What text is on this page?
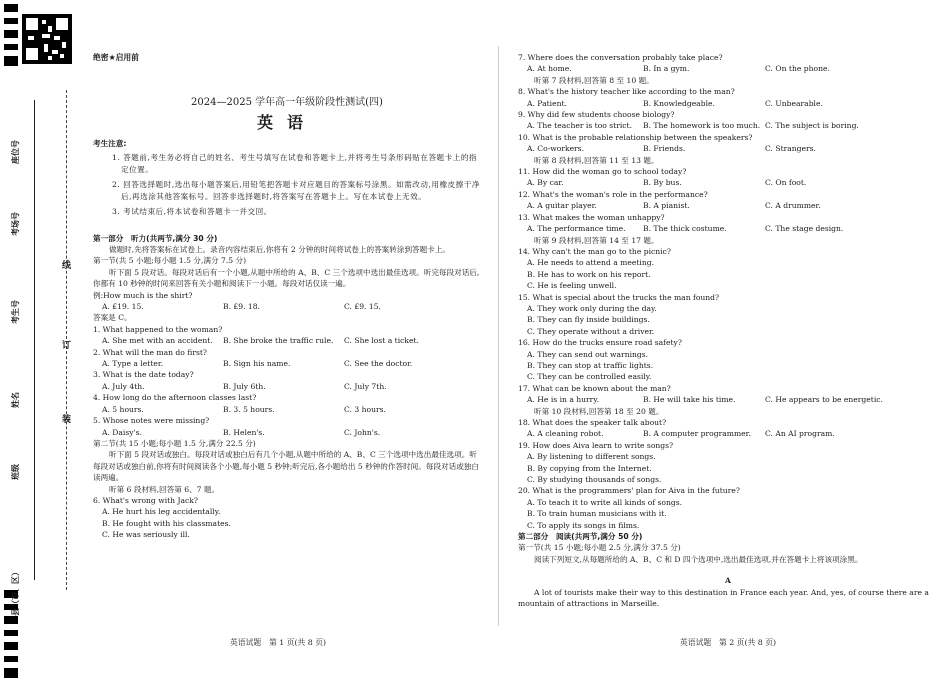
座位号
考场号
考生号
姓名
班级
县（市、区）
线
订
装
绝密★启用前
2024—2025 学年高一年级阶段性测试(四)
英语
考生注意:
1. 答题前,考生务必将自己的姓名、考生号填写在试卷和答题卡上,并将考生号条形码贴在答题卡上的指定位置。
2. 回答选择题时,选出每小题答案后,用铅笔把答题卡对应题目的答案标号涂黑。如需改动,用橡皮擦干净后,再选涂其他答案标号。回答非选择题时,将答案写在答题卡上。写在本试卷上无效。
3. 考试结束后,将本试卷和答题卡一并交回。
第一部分　听力(共两节,满分 30 分)
做题时,先将答案标在试卷上。录音内容结束后,你将有 2 分钟的时间将试卷上的答案转涂到答题卡上。
第一节(共 5 小题;每小题 1.5 分,满分 7.5 分)
听下面 5 段对话。每段对话后有一个小题,从题中所给的 A、B、C 三个选项中选出最佳选项。听完每段对话后,你都有 10 秒钟的时间来回答有关小题和阅读下一小题。每段对话仅读一遍。
例:How much is the shirt?
A. £19. 15.	B. £9. 18.	C. £9. 15.
答案是 C。
1. What happened to the woman?
A. She met with an accident.	B. She broke the traffic rule.	C. She lost a ticket.
2. What will the man do first?
A. Type a letter.	B. Sign his name.	C. See the doctor.
3. What is the date today?
A. July 4th.	B. July 6th.	C. July 7th.
4. How long do the afternoon classes last?
A. 5 hours.	B. 3. 5 hours.	C. 3 hours.
5. Whose notes were missing?
A. Daisy's.	B. Helen's.	C. John's.
第二节(共 15 小题;每小题 1.5 分,满分 22.5 分)
听下面 5 段对话或独白。每段对话或独白后有几个小题,从题中所给的 A、B、C 三个选项中选出最佳选项。听每段对话或独白前,你将有时间阅读各个小题,每小题 5 秒钟;听完后,各小题给出 5 秒钟的作答时间。每段对话或独白读两遍。
听第 6 段材料,回答第 6、7 题。
6. What's wrong with Jack?
A. He hurt his leg accidentally.
B. He fought with his classmates.
C. He was seriously ill.
7. Where does the conversation probably take place?
A. At home.	B. In a gym.	C. On the phone.
听第 7 段材料,回答第 8 至 10 题。
8. What's the history teacher like according to the man?
A. Patient.	B. Knowledgeable.	C. Unbearable.
9. Why did few students choose biology?
A. The teacher is too strict.	B. The homework is too much. C. The subject is boring.
10. What is the probable relationship between the speakers?
A. Co-workers.	B. Friends.	C. Strangers.
听第 8 段材料,回答第 11 至 13 题。
11. How did the woman go to school today?
A. By car.	B. By bus.	C. On foot.
12. What's the woman's role in the performance?
A. A guitar player.	B. A pianist.	C. A drummer.
13. What makes the woman unhappy?
A. The performance time.	B. The thick costume.	C. The stage design.
听第 9 段材料,回答第 14 至 17 题。
14. Why can't the man go to the picnic?
A. He needs to attend a meeting.
B. He has to work on his report.
C. He is feeling unwell.
15. What is special about the trucks the man found?
A. They work only during the day.
B. They can fly inside buildings.
C. They operate without a driver.
16. How do the trucks ensure road safety?
A. They can send out warnings.
B. They can stop at traffic lights.
C. They can be controlled easily.
17. What can be known about the man?
A. He is in a hurry.	B. He will take his time.	C. He appears to be energetic.
听第 10 段材料,回答第 18 至 20 题。
18. What does the speaker talk about?
A. A cleaning robot.	B. A computer programmer.	C. An AI program.
19. How does Aiva learn to write songs?
A. By listening to different songs.
B. By copying from the Internet.
C. By studying thousands of songs.
20. What is the programmers' plan for Aiva in the future?
A. To teach it to write all kinds of songs.
B. To train human musicians with it.
C. To apply its songs in films.
第二部分　阅读(共两节,满分 50 分)
第一节(共 15 小题;每小题 2.5 分,满分 37.5 分)
阅读下列短文,从每题所给的 A、B、C 和 D 四个选项中,选出最佳选项,并在答题卡上将该项涂黑。
A
A lot of tourists make their way to this destination in France each year. And, yes, of course there are a mountain of attractions in Marseille.
英语试题　第 1 页(共 8 页)	英语试题　第 2 页(共 8 页)
